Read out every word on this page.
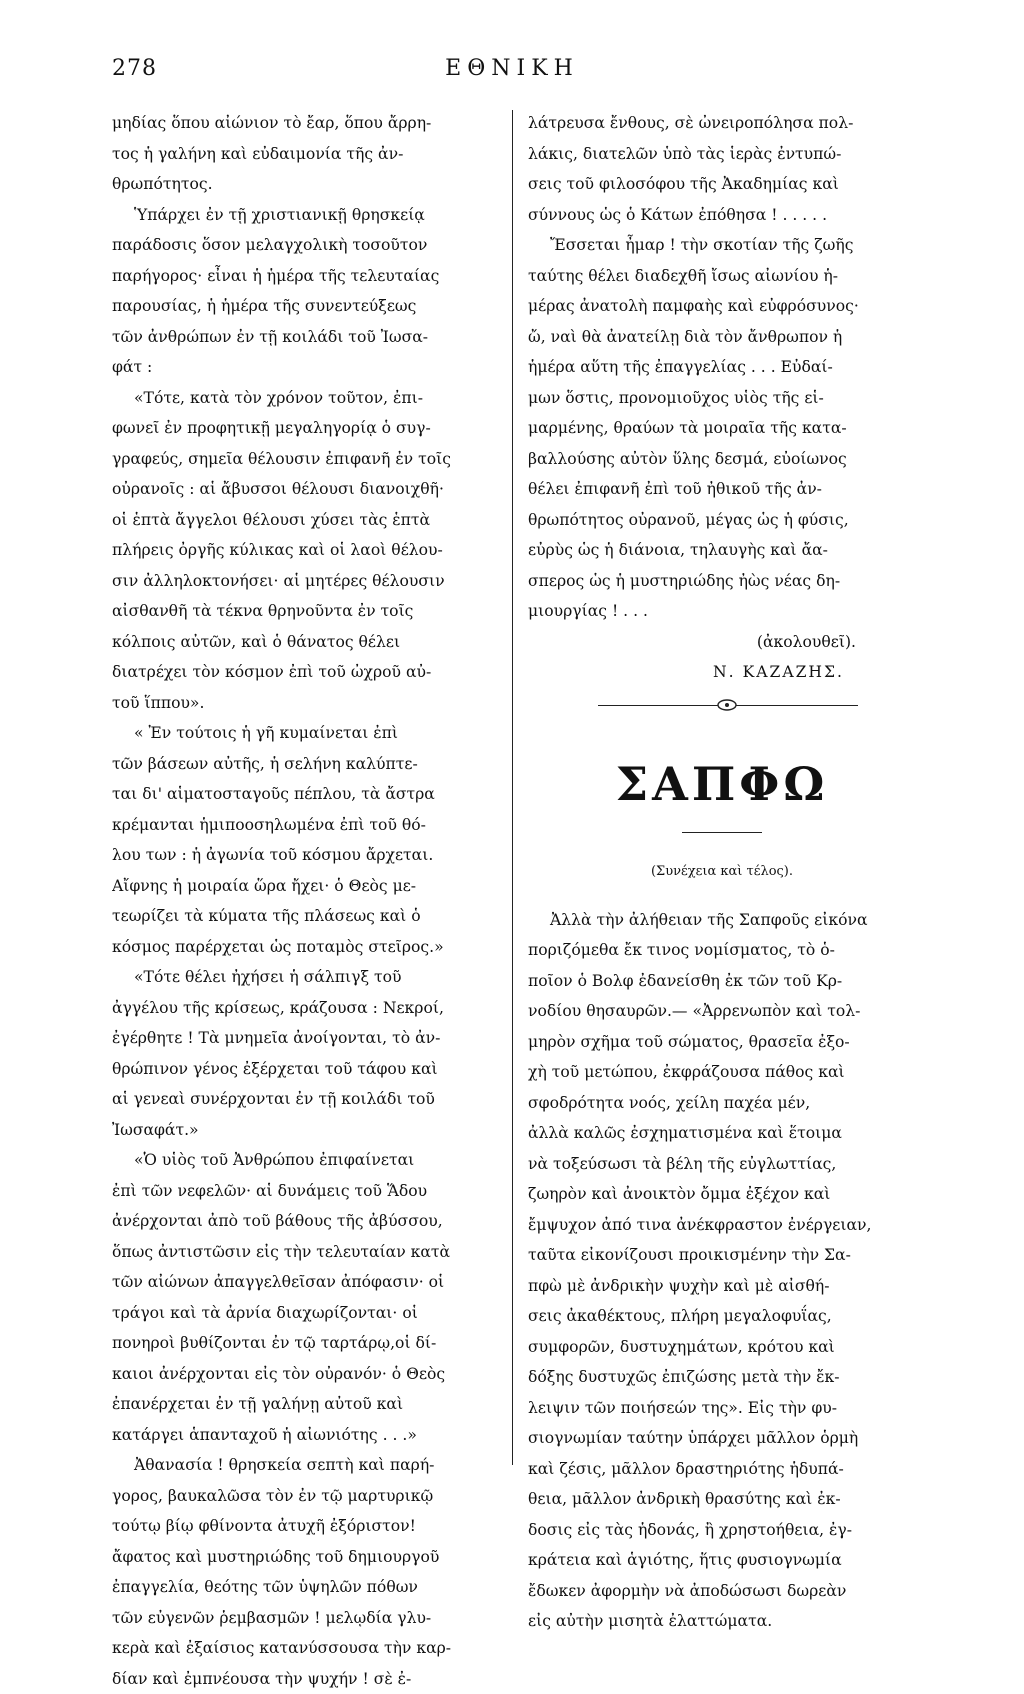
278	ΕΘΝΙΚΗ
μηδίας ὅπου αἰώνιον τὸ ἔαρ, ὅπου ἄρρη-
τος ἡ γαλήνη καὶ εὐδαιμονία τῆς ἀν-
θρωπότητος.
Ὑπάρχει ἐν τῇ χριστιανικῇ θρησκείᾳ
παράδοσις ὅσον μελαγχολικὴ τοσοῦτον
παρήγορος· εἶναι ἡ ἡμέρα τῆς τελευταίας
παρουσίας, ἡ ἡμέρα τῆς συνεντεύξεως
τῶν ἀνθρώπων ἐν τῇ κοιλάδι τοῦ Ἰωσα-
φάτ :
«Τότε, κατὰ τὸν χρόνον τοῦτον, ἐπι-
φωνεῖ ἐν προφητικῇ μεγαληγορίᾳ ὁ συγ-
γραφεύς, σημεῖα θέλουσιν ἐπιφανῆ ἐν τοῖς
οὐρανοῖς : αἱ ἄβυσσοι θέλουσι διανοιχθῆ·
οἱ ἑπτὰ ἄγγελοι θέλουσι χύσει τὰς ἑπτὰ
πλήρεις ὀργῆς κύλικας καὶ οἱ λαοὶ θέλου-
σιν ἀλληλοκτονήσει· αἱ μητέρες θέλουσιν
αἰσθανθῆ τὰ τέκνα θρηνοῦντα ἐν τοῖς
κόλποις αὐτῶν, καὶ ὁ θάνατος θέλει
διατρέχει τὸν κόσμον ἐπὶ τοῦ ὠχροῦ αὐ-
τοῦ ἵππου».
« Ἐν τούτοις ἡ γῆ κυμαίνεται ἐπὶ
τῶν βάσεων αὐτῆς, ἡ σελήνη καλύπτε-
ται δι' αἱματοσταγοῦς πέπλου, τὰ ἄστρα
κρέμανται ἡμιποοσηλωμένα ἐπὶ τοῦ θό-
λου των : ἡ ἀγωνία τοῦ κόσμου ἄρχεται.
Αἴφνης ἡ μοιραία ὥρα ἤχει· ὁ Θεὸς με-
τεωρίζει τὰ κύματα τῆς πλάσεως καὶ ὁ
κόσμος παρέρχεται ὡς ποταμὸς στεῖρος.»
«Τότε θέλει ἠχήσει ἡ σάλπιγξ τοῦ
ἀγγέλου τῆς κρίσεως, κράζουσα : Νεκροί,
ἐγέρθητε ! Τὰ μνημεῖα ἀνοίγονται, τὸ ἀν-
θρώπινον γένος ἐξέρχεται τοῦ τάφου καὶ
αἱ γενεαὶ συνέρχονται ἐν τῇ κοιλάδι τοῦ
Ἰωσαφάτ.»
«Ὁ υἱὸς τοῦ Ἀνθρώπου ἐπιφαίνεται
ἐπὶ τῶν νεφελῶν· αἱ δυνάμεις τοῦ Ἅδου
ἀνέρχονται ἀπὸ τοῦ βάθους τῆς ἀβύσσου,
ὅπως ἀντιστῶσιν εἰς τὴν τελευταίαν κατὰ
τῶν αἰώνων ἀπαγγελθεῖσαν ἀπόφασιν· οἱ
τράγοι καὶ τὰ ἀρνία διαχωρίζονται· οἱ
πονηροὶ βυθίζονται ἐν τῷ ταρτάρῳ,οἱ δί-
καιοι ἀνέρχονται εἰς τὸν οὐρανόν· ὁ Θεὸς
ἐπανέρχεται ἐν τῇ γαλήνῃ αὐτοῦ καὶ
κατάργει ἁπανταχοῦ ἡ αἰωνιότης . . .»
Ἀθανασία ! θρησκεία σεπτὴ καὶ παρή-
γορος, βαυκαλῶσα τὸν ἐν τῷ μαρτυρικῷ
τούτῳ βίῳ φθίνοντα ἀτυχῆ ἐξόριστον!
ἄφατος καὶ μυστηριώδης τοῦ δημιουργοῦ
ἐπαγγελία, θεότης τῶν ὑψηλῶν πόθων
τῶν εὐγενῶν ῥεμβασμῶν ! μελῳδία γλυ-
κερὰ καὶ ἐξαίσιος κατανύσσουσα τὴν καρ-
δίαν καὶ ἐμπνέουσα τὴν ψυχήν ! σὲ ἐ-
λάτρευσα ἔνθους, σὲ ὠνειροπόλησα πολ-
λάκις, διατελῶν ὑπὸ τὰς ἱερὰς ἐντυπώ-
σεις τοῦ φιλοσόφου τῆς Ἀκαδημίας καὶ
σύννους ὡς ὁ Κάτων ἐπόθησα ! . . . . .
Ἔσσεται ἦμαρ ! τὴν σκοτίαν τῆς ζωῆς
ταύτης θέλει διαδεχθῆ ἴσως αἰωνίου ἡ-
μέρας ἀνατολὴ παμφαὴς καὶ εὐφρόσυνος·
ὤ, ναὶ θὰ ἀνατείλῃ διὰ τὸν ἄνθρωπον ἡ
ἡμέρα αὕτη τῆς ἐπαγγελίας . . . Εὐδαί-
μων ὅστις, προνομιοῦχος υἱὸς τῆς εἱ-
μαρμένης, θραύων τὰ μοιραῖα τῆς κατα-
βαλλούσης αὐτὸν ὕλης δεσμά, εὐοίωνος
θέλει ἐπιφανῆ ἐπὶ τοῦ ἠθικοῦ τῆς ἀν-
θρωπότητος οὐρανοῦ, μέγας ὡς ἡ φύσις,
εὐρὺς ὡς ἡ διάνοια, τηλαυγὴς καὶ ἄα-
σπερος ὡς ἡ μυστηριώδης ἠὼς νέας δη-
μιουργίας ! . . .
(ἀκολουθεῖ).
Ν. ΚΑΖΑΖΗΣ.
ΣΑΠΦΩ
(Συνέχεια καὶ τέλος).
Ἀλλὰ τὴν ἀλήθειαν τῆς Σαπφοῦς εἰκόνα
ποριζόμεθα ἔκ τινος νομίσματος, τὸ ὁ-
ποῖον ὁ Βολφ ἐδανείσθη ἐκ τῶν τοῦ Κρ-
νοδίου θησαυρῶν.— «Ἀρρενωπὸν καὶ τολ-
μηρὸν σχῆμα τοῦ σώματος, θρασεῖα ἐξο-
χὴ τοῦ μετώπου, ἐκφράζουσα πάθος καὶ
σφοδρότητα νοός, χείλη παχέα μέν,
ἀλλὰ καλῶς ἐσχηματισμένα καὶ ἕτοιμα
νὰ τοξεύσωσι τὰ βέλη τῆς εὐγλωττίας,
ζωηρὸν καὶ ἀνοικτὸν ὄμμα ἐξέχον καὶ
ἔμψυχον ἀπό τινα ἀνέκφραστον ἐνέργειαν,
ταῦτα εἰκονίζουσι προικισμένην τὴν Σα-
πφὼ μὲ ἀνδρικὴν ψυχὴν καὶ μὲ αἰσθή-
σεις ἀκαθέκτους, πλήρη μεγαλοφυΐας,
συμφορῶν, δυστυχημάτων, κρότου καὶ
δόξης δυστυχῶς ἐπιζώσης μετὰ τὴν ἔκ-
λειψιν τῶν ποιήσεών της». Εἰς τὴν φυ-
σιογνωμίαν ταύτην ὑπάρχει μᾶλλον ὁρμὴ
καὶ ζέσις, μᾶλλον δραστηριότης ἡδυπά-
θεια, μᾶλλον ἀνδρικὴ θρασύτης καὶ ἐκ-
δοσις εἰς τὰς ἡδονάς, ἢ χρηστοήθεια, ἐγ-
κράτεια καὶ ἁγιότης, ἥτις φυσιογνωμία
ἔδωκεν ἀφορμὴν νὰ ἀποδώσωσι δωρεὰν
εἰς αὐτὴν μισητὰ ἐλαττώματα.
